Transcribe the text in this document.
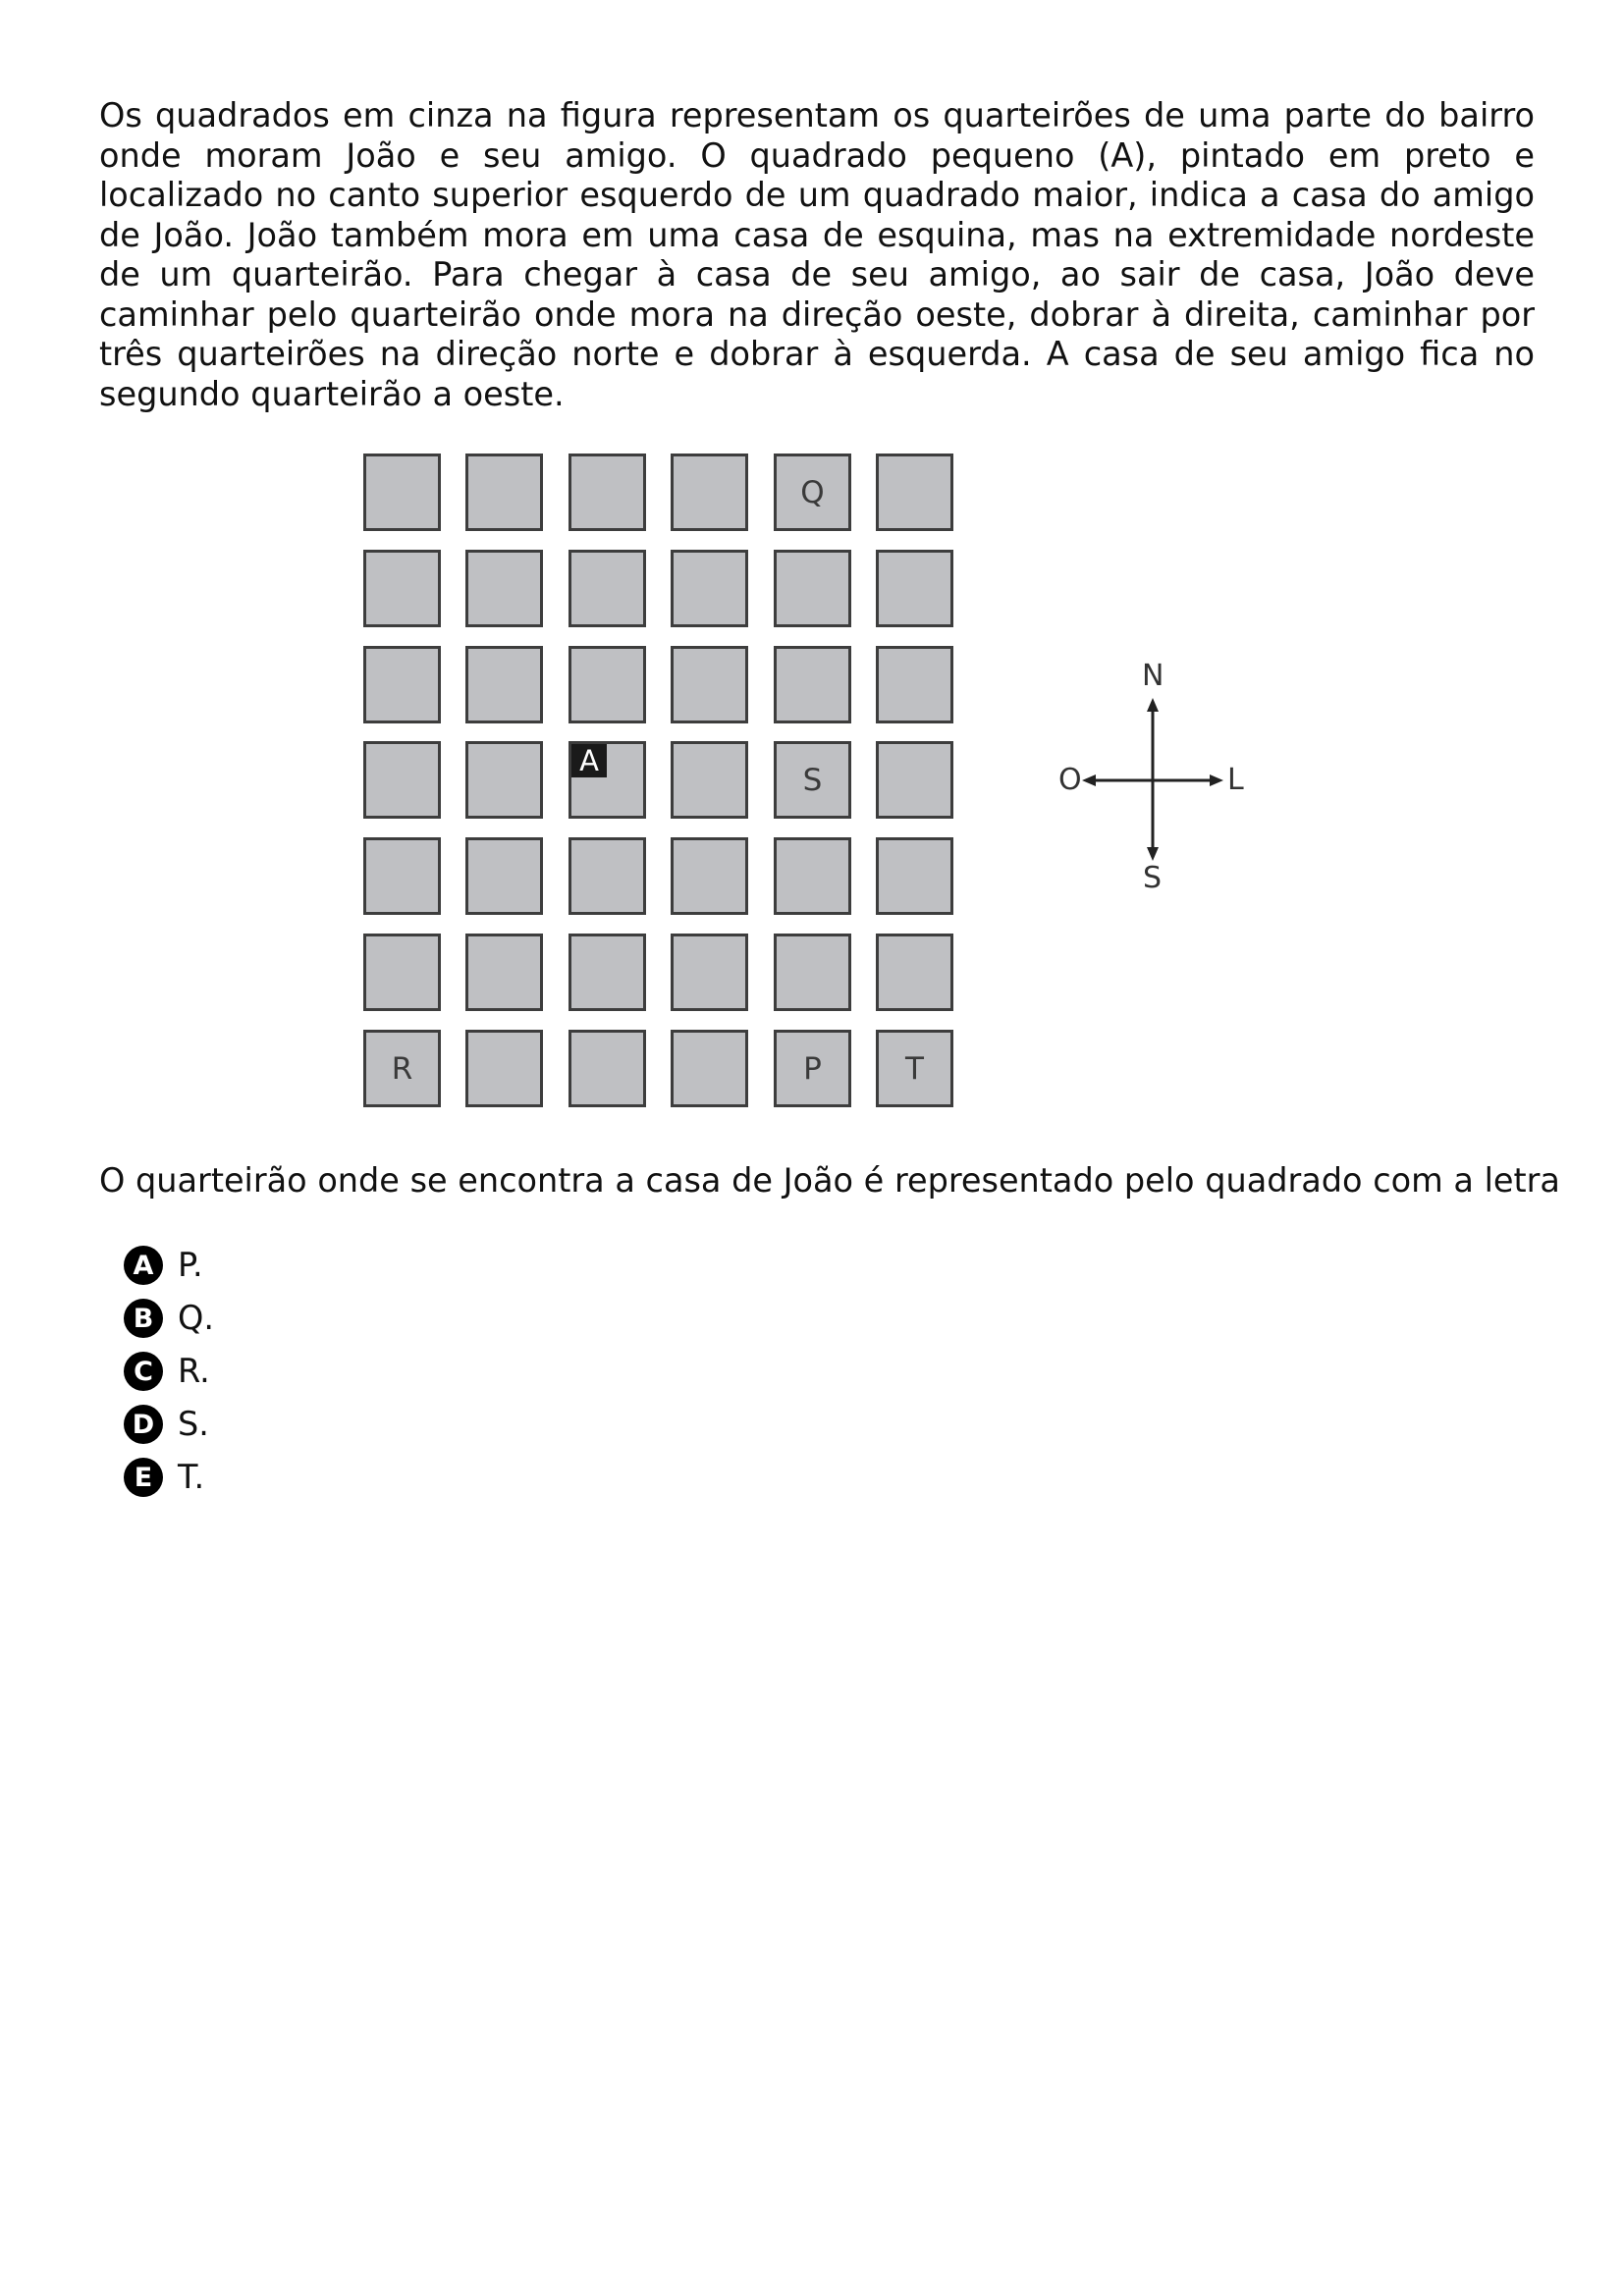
Os quadrados em cinza na figura representam os quarteirões de uma parte do bairro onde moram João e seu amigo. O quadrado pequeno (A), pintado em preto e localizado no canto superior esquerdo de um quadrado maior, indica a casa do amigo de João. João também mora em uma casa de esquina, mas na extremidade nordeste de um quarteirão. Para chegar à casa de seu amigo, ao sair de casa, João deve caminhar pelo quarteirão onde mora na direção oeste, dobrar à direita, caminhar por três quarteirões na direção norte e dobrar à esquerda. A casa de seu amigo fica no segundo quarteirão a oeste.

Q
A
S
R	P	T
N
S
O	L

O quarteirão onde se encontra a casa de João é representado pelo quadrado com a letra

A P.
B Q.
C R.
D S.
E T.
